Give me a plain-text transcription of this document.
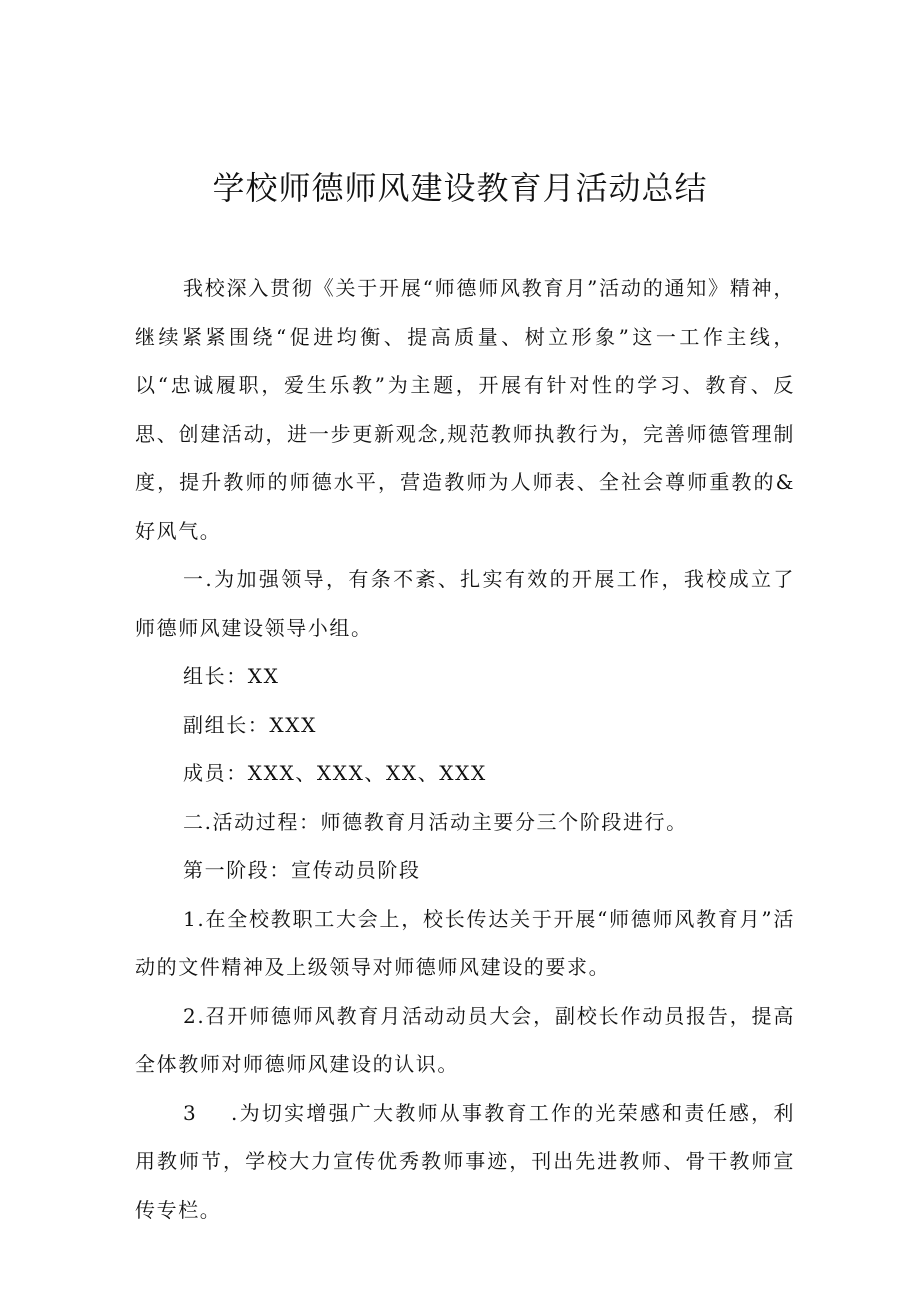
学校师德师风建设教育月活动总结

我校深入贯彻《关于开展“师德师风教育月”活动的通知》精神，继续紧紧围绕“促进均衡、提高质量、树立形象”这一工作主线，以“忠诚履职，爱生乐教”为主题，开展有针对性的学习、教育、反思、创建活动，进一步更新观念,规范教师执教行为，完善师德管理制度，提升教师的师德水平，营造教师为人师表、全社会尊师重教的&好风气。

一.为加强领导，有条不紊、扎实有效的开展工作，我校成立了师德师风建设领导小组。

组长：XX

副组长：XXX

成员：XXX、XXX、XX、XXX

二.活动过程：师德教育月活动主要分三个阶段进行。

第一阶段：宣传动员阶段

1.在全校教职工大会上，校长传达关于开展“师德师风教育月”活动的文件精神及上级领导对师德师风建设的要求。

2.召开师德师风教育月活动动员大会，副校长作动员报告，提高全体教师对师德师风建设的认识。

3 .为切实增强广大教师从事教育工作的光荣感和责任感，利用教师节，学校大力宣传优秀教师事迹，刊出先进教师、骨干教师宣传专栏。
